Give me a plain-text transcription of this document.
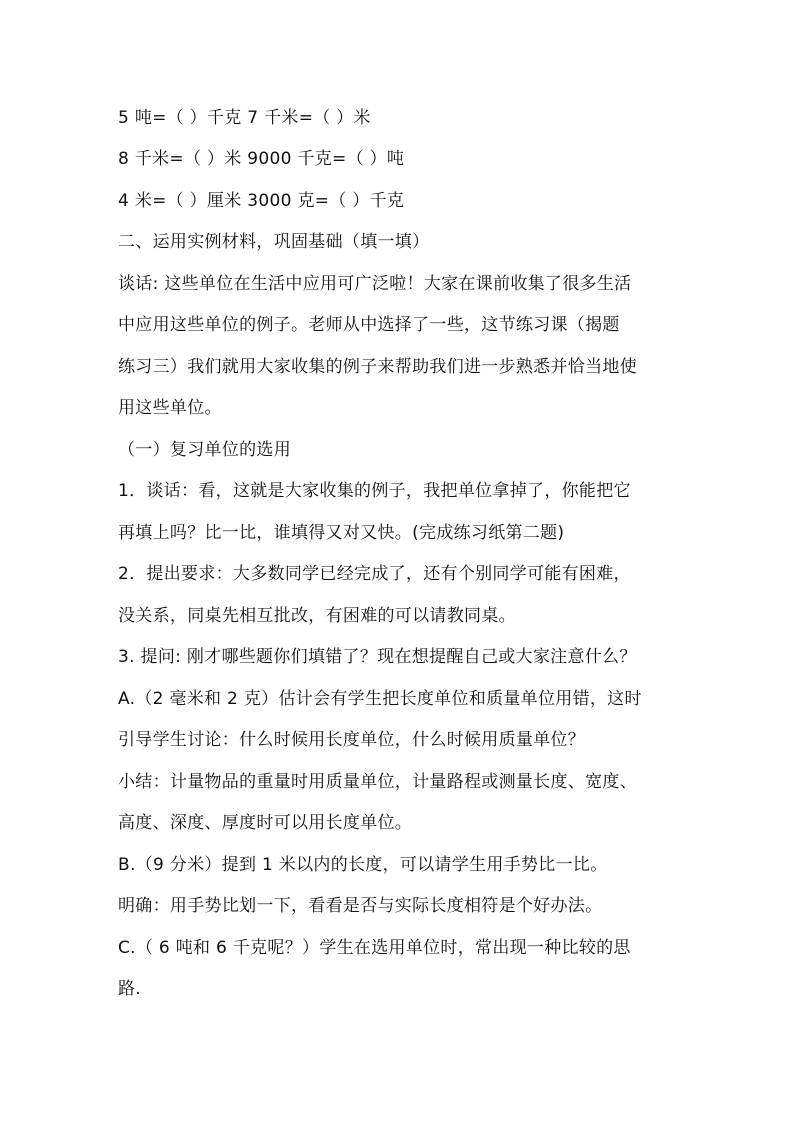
5 吨=（ ）千克 7 千米=（ ）米
8 千米=（ ）米 9000 千克=（ ）吨
4 米=（ ）厘米 3000 克=（ ）千克
二、运用实例材料，巩固基础（填一填）
谈话: 这些单位在生活中应用可广泛啦！大家在课前收集了很多生活
中应用这些单位的例子。老师从中选择了一些，这节练习课（揭题
练习三）我们就用大家收集的例子来帮助我们进一步熟悉并恰当地使
用这些单位。
（一）复习单位的选用
1．谈话：看，这就是大家收集的例子，我把单位拿掉了，你能把它
再填上吗？比一比，谁填得又对又快。(完成练习纸第二题)
2．提出要求：大多数同学已经完成了，还有个别同学可能有困难，
没关系，同桌先相互批改，有困难的可以请教同桌。
3. 提问: 刚才哪些题你们填错了？现在想提醒自己或大家注意什么？
A.（2 毫米和 2 克）估计会有学生把长度单位和质量单位用错，这时
引导学生讨论：什么时候用长度单位，什么时候用质量单位？
小结：计量物品的重量时用质量单位，计量路程或测量长度、宽度、
高度、深度、厚度时可以用长度单位。
B.（9 分米）提到 1 米以内的长度，可以请学生用手势比一比。
明确：用手势比划一下，看看是否与实际长度相符是个好办法。
C.（ 6 吨和 6 千克呢？）学生在选用单位时，常出现一种比较的思
路.
